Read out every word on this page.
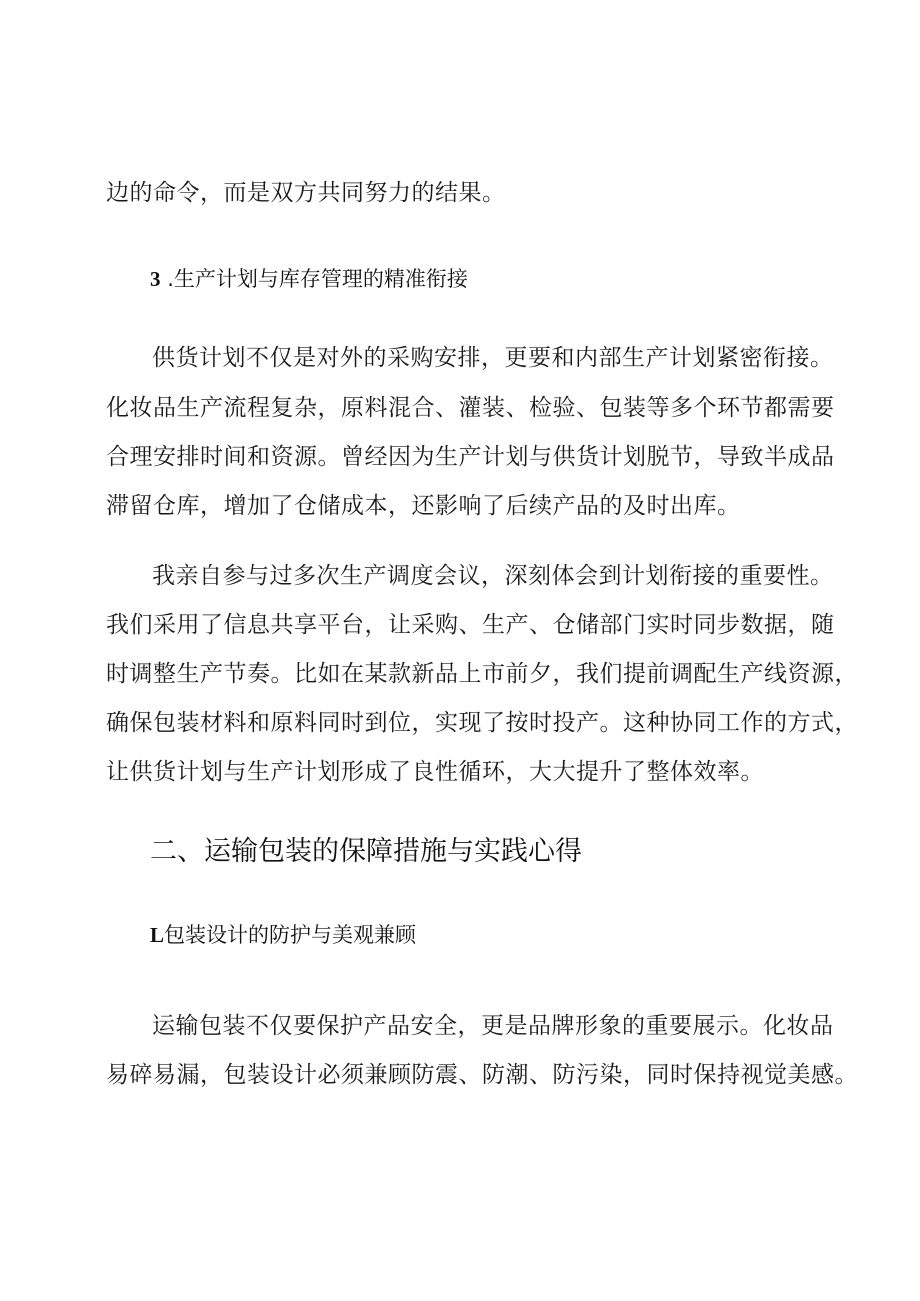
边的命令，而是双方共同努力的结果。
3 .生产计划与库存管理的精准衔接
供货计划不仅是对外的采购安排，更要和内部生产计划紧密衔接。
化妆品生产流程复杂，原料混合、灌装、检验、包装等多个环节都需要
合理安排时间和资源。曾经因为生产计划与供货计划脱节，导致半成品
滞留仓库，增加了仓储成本，还影响了后续产品的及时出库。
我亲自参与过多次生产调度会议，深刻体会到计划衔接的重要性。
我们采用了信息共享平台，让采购、生产、仓储部门实时同步数据，随
时调整生产节奏。比如在某款新品上市前夕，我们提前调配生产线资源，
确保包装材料和原料同时到位，实现了按时投产。这种协同工作的方式，
让供货计划与生产计划形成了良性循环，大大提升了整体效率。
二、运输包装的保障措施与实践心得
L包装设计的防护与美观兼顾
运输包装不仅要保护产品安全，更是品牌形象的重要展示。化妆品
易碎易漏，包装设计必须兼顾防震、防潮、防污染，同时保持视觉美感。
